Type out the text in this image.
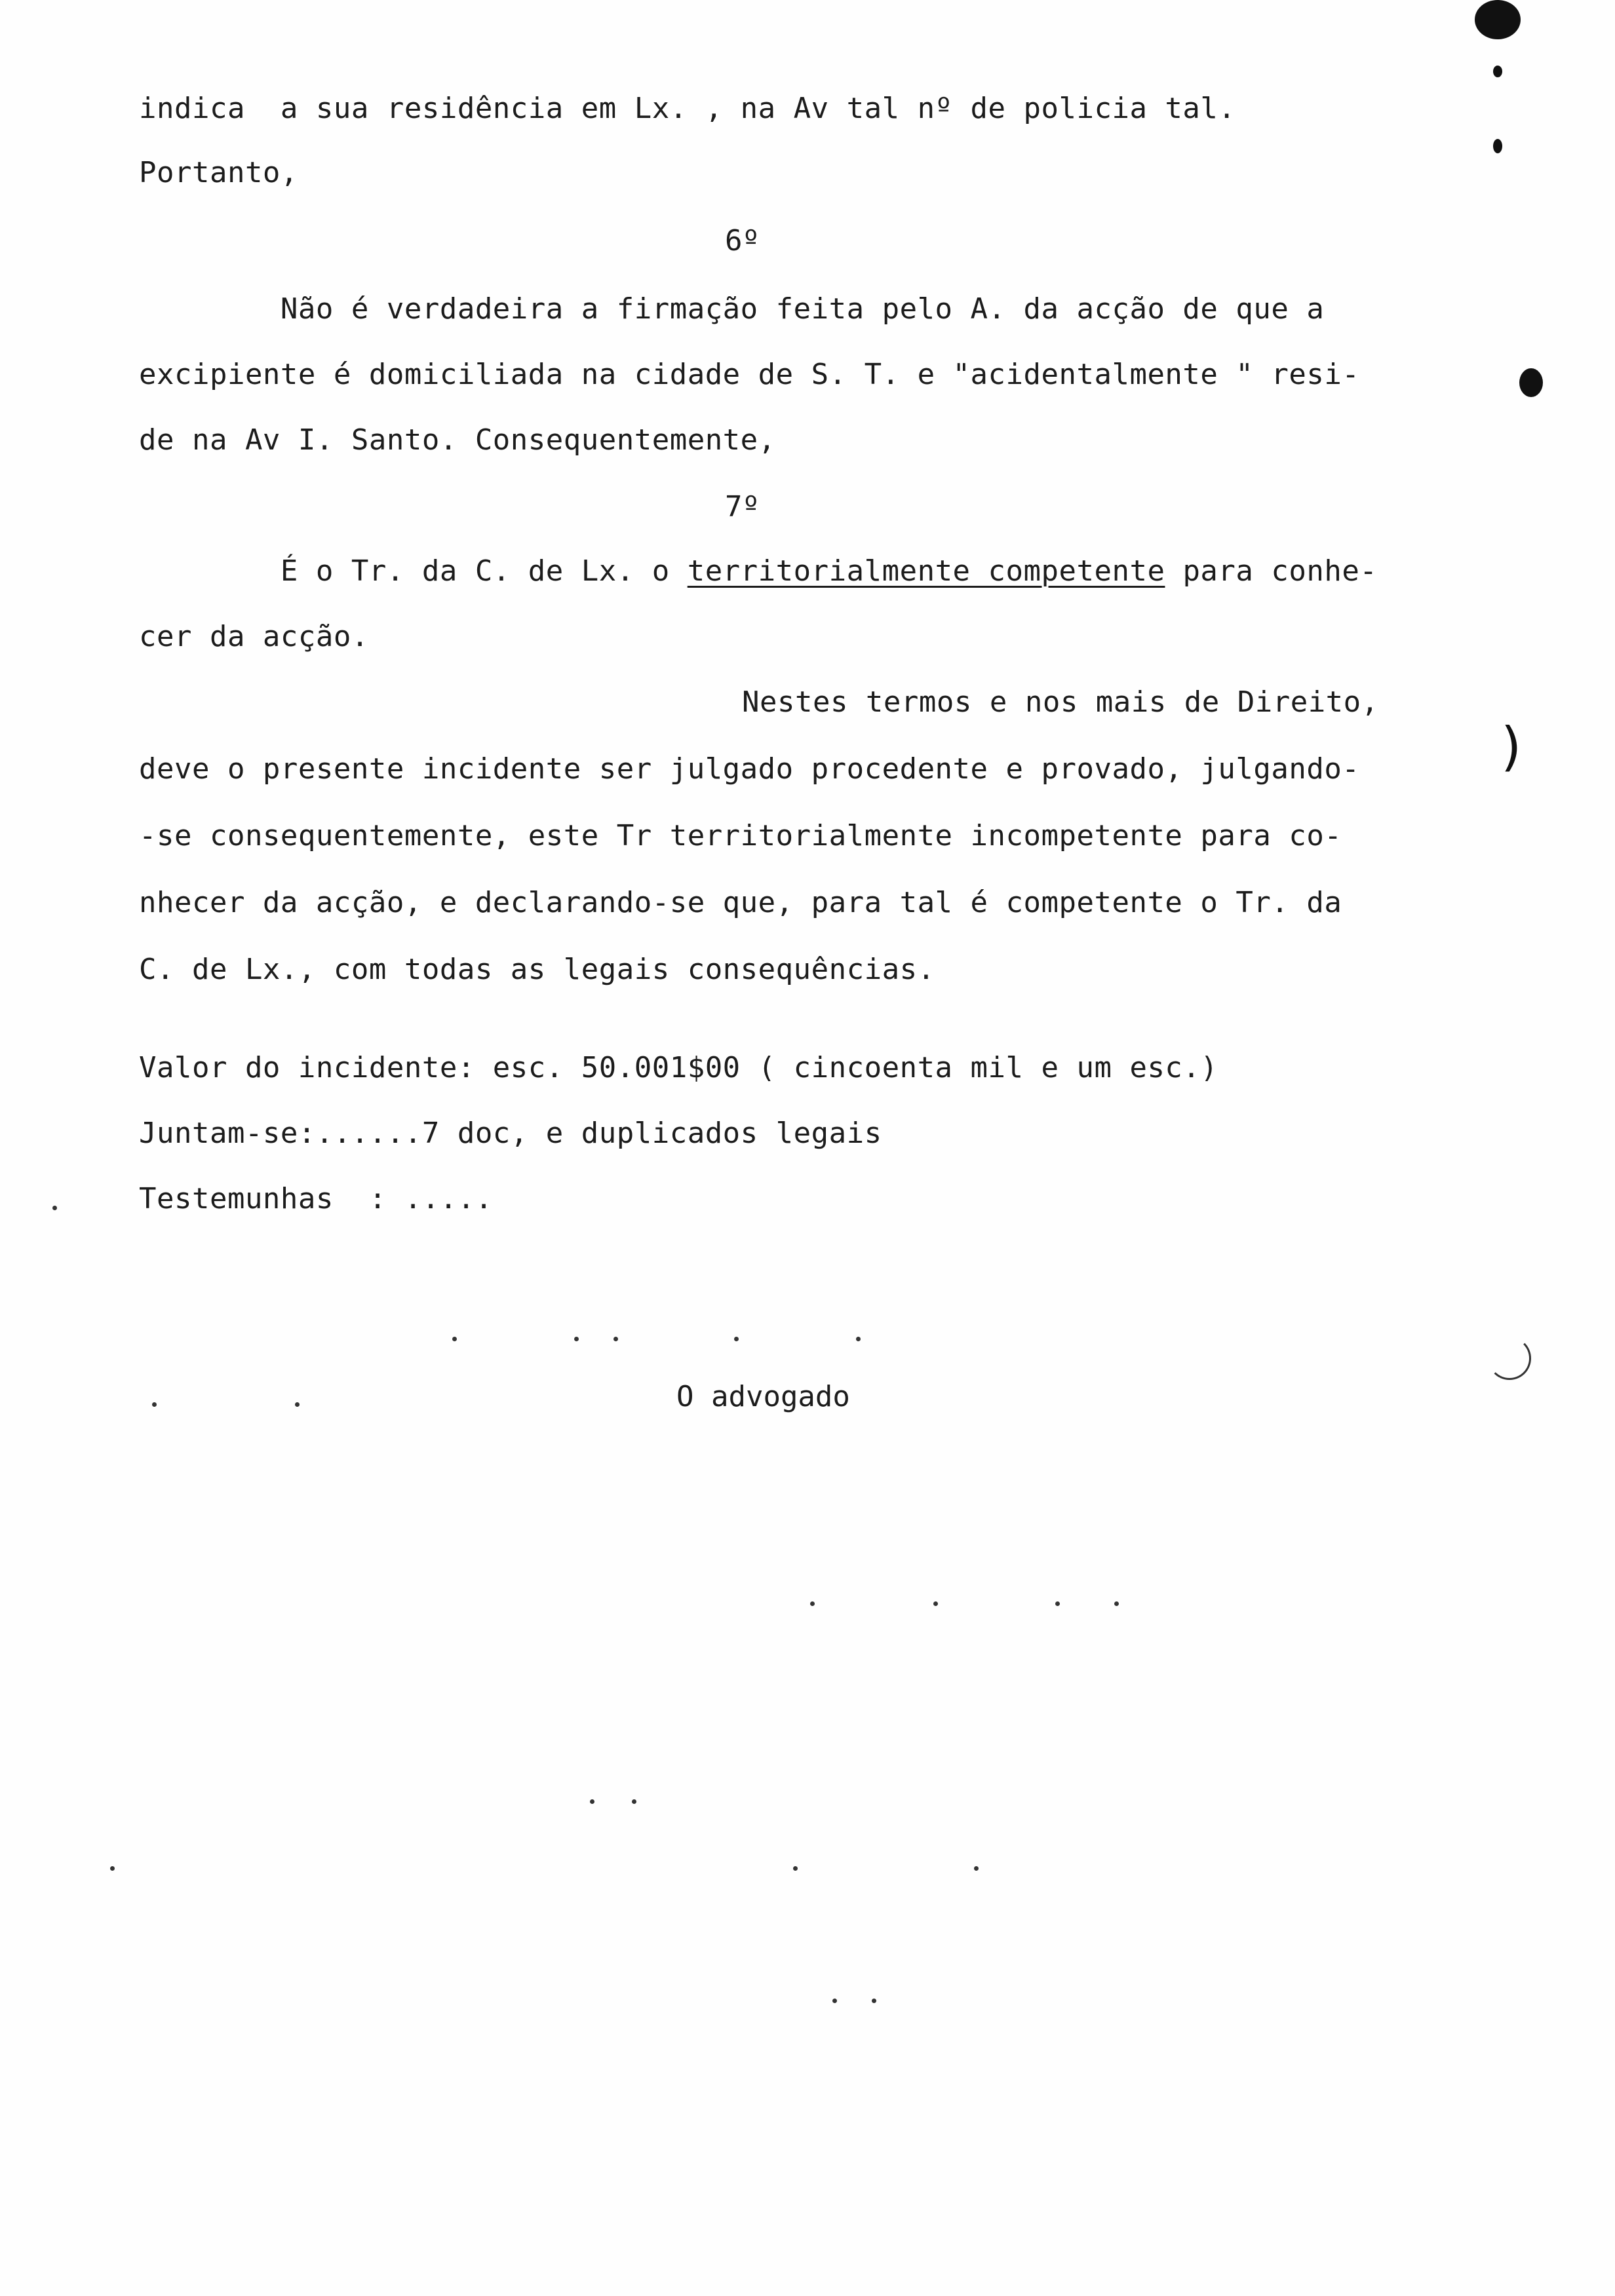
)
indica  a sua residência em Lx. , na Av tal nº de policia tal.
Portanto,
6º
Não é verdadeira a firmação feita pelo A. da acção de que a
excipiente é domiciliada na cidade de S. T. e "acidentalmente " resi-
de na Av I. Santo. Consequentemente,
7º
É o Tr. da C. de Lx. o territorialmente competente para conhe-
cer da acção.
Nestes termos e nos mais de Direito,
deve o presente incidente ser julgado procedente e provado, julgando-
-se consequentemente, este Tr territorialmente incompetente para co-
nhecer da acção, e declarando-se que, para tal é competente o Tr. da
C. de Lx., com todas as legais consequências.
Valor do incidente: esc. 50.001$00 ( cincoenta mil e um esc.)
Juntam-se:......7 doc, e duplicados legais
Testemunhas  : .....
O advogado
